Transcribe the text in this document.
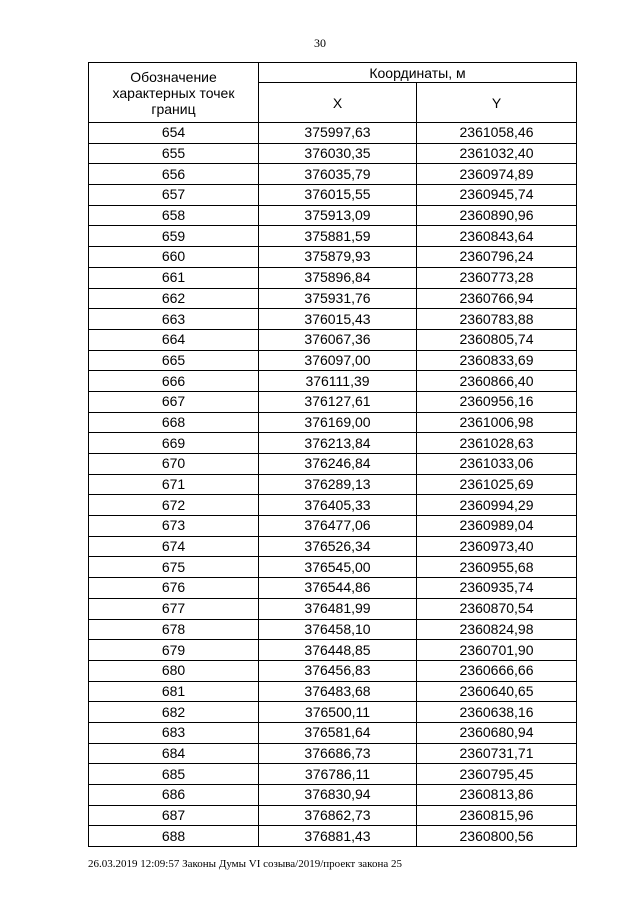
30
Обозначение характерных точек границ	Координаты, м	
	X	Y
654	375997,63	2361058,46
655	376030,35	2361032,40
656	376035,79	2360974,89
657	376015,55	2360945,74
658	375913,09	2360890,96
659	375881,59	2360843,64
660	375879,93	2360796,24
661	375896,84	2360773,28
662	375931,76	2360766,94
663	376015,43	2360783,88
664	376067,36	2360805,74
665	376097,00	2360833,69
666	376111,39	2360866,40
667	376127,61	2360956,16
668	376169,00	2361006,98
669	376213,84	2361028,63
670	376246,84	2361033,06
671	376289,13	2361025,69
672	376405,33	2360994,29
673	376477,06	2360989,04
674	376526,34	2360973,40
675	376545,00	2360955,68
676	376544,86	2360935,74
677	376481,99	2360870,54
678	376458,10	2360824,98
679	376448,85	2360701,90
680	376456,83	2360666,66
681	376483,68	2360640,65
682	376500,11	2360638,16
683	376581,64	2360680,94
684	376686,73	2360731,71
685	376786,11	2360795,45
686	376830,94	2360813,86
687	376862,73	2360815,96
688	376881,43	2360800,56
26.03.2019 12:09:57 Законы Думы VI созыва/2019/проект закона 25
